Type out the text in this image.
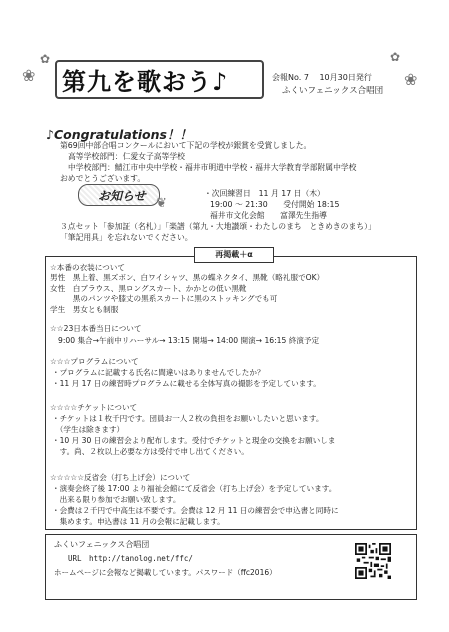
❀
✿
❀
✿
第九を歌おう♪	会報No. 7　 10月30日発行
ふくいフェニックス合唱団
♪Congratulations！！
第69回中部合唱コンクールにおいて下記の学校が銀賞を受賞しました。
高等学校部門：仁愛女子高等学校
中学校部門：鯖江市中央中学校・福井市明道中学校・福井大学教育学部附属中学校
おめでとうございます。
お知らせ ❦
・次回練習日　11 月 17 日（木）
19:00 ～ 21:30　　受付開始 18:15
福井市文化会館　　富澤先生指導
３点セット「参加証（名札）」「楽譜（第九・大地讃頌・わたしのまち　ときめきのまち）」
「筆記用具」を忘れないでください。
再掲載＋α
☆本番の衣装について
男性　黒上着、黒ズボン、白ワイシャツ、黒の蝶ネクタイ、黒靴（略礼服でOK）
女性　白ブラウス、黒ロングスカート、かかとの低い黒靴
　　　黒のパンツや膝丈の黒系スカートに黒のストッキングでも可
学生　男女とも制服
☆☆23日本番当日について
9:00 集合→午前中リハーサル→ 13:15 開場→ 14:00 開演→ 16:15 終演予定
☆☆☆プログラムについて
・プログラムに記載する氏名に間違いはありませんでしたか？
・11 月 17 日の練習時プログラムに載せる全体写真の撮影を予定しています。
☆☆☆☆チケットについて
・チケットは１枚千円です。団員お一人２枚の負担をお願いしたいと思います。
　（学生は除きます）
・10 月 30 日の練習会より配布します。受付でチケットと現金の交換をお願いしま
　す。尚、２枚以上必要な方は受付で申し出てください。
☆☆☆☆☆反省会（打ち上げ会）について
・演奏会終了後 17:00 より福祉会館にて反省会（打ち上げ会）を予定しています。
　出来る限り参加でお願い致します。
・会費は２千円で中高生は不要です。会費は 12 月 11 日の練習会で申込書と同時に
　集めます。申込書は 11 月の会報に記載します。
ふくいフェニックス合唱団
URL　http://tanolog.net/ffc/
ホームページに会報など掲載しています。パスワード（ffc2016）
